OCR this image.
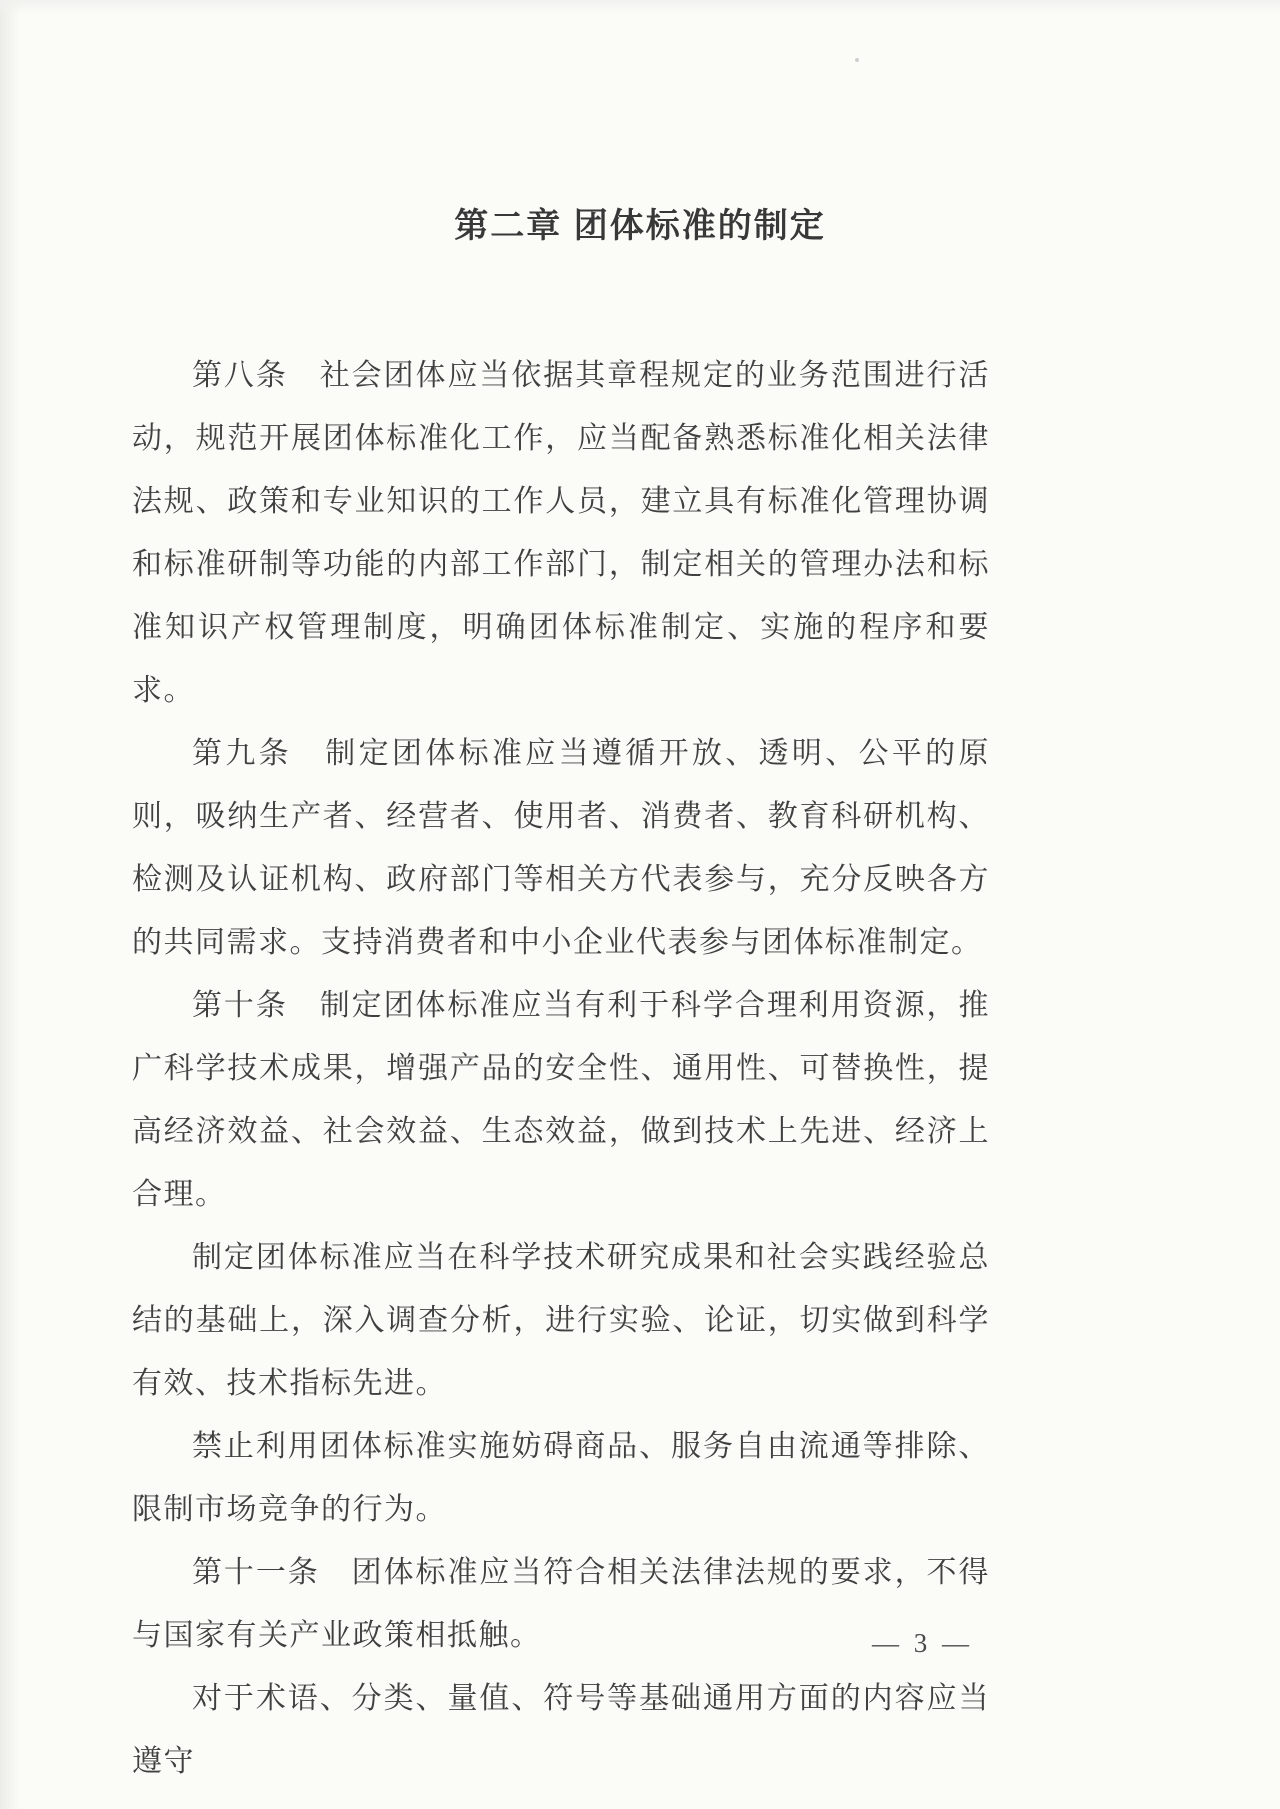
第二章 团体标准的制定

第八条　社会团体应当依据其章程规定的业务范围进行活动，规范开展团体标准化工作，应当配备熟悉标准化相关法律法规、政策和专业知识的工作人员，建立具有标准化管理协调和标准研制等功能的内部工作部门，制定相关的管理办法和标准知识产权管理制度，明确团体标准制定、实施的程序和要求。

第九条　制定团体标准应当遵循开放、透明、公平的原则，吸纳生产者、经营者、使用者、消费者、教育科研机构、检测及认证机构、政府部门等相关方代表参与，充分反映各方的共同需求。支持消费者和中小企业代表参与团体标准制定。

第十条　制定团体标准应当有利于科学合理利用资源，推广科学技术成果，增强产品的安全性、通用性、可替换性，提高经济效益、社会效益、生态效益，做到技术上先进、经济上合理。

制定团体标准应当在科学技术研究成果和社会实践经验总结的基础上，深入调查分析，进行实验、论证，切实做到科学有效、技术指标先进。

禁止利用团体标准实施妨碍商品、服务自由流通等排除、限制市场竞争的行为。

第十一条　团体标准应当符合相关法律法规的要求，不得与国家有关产业政策相抵触。

对于术语、分类、量值、符号等基础通用方面的内容应当遵守

— 3 —
